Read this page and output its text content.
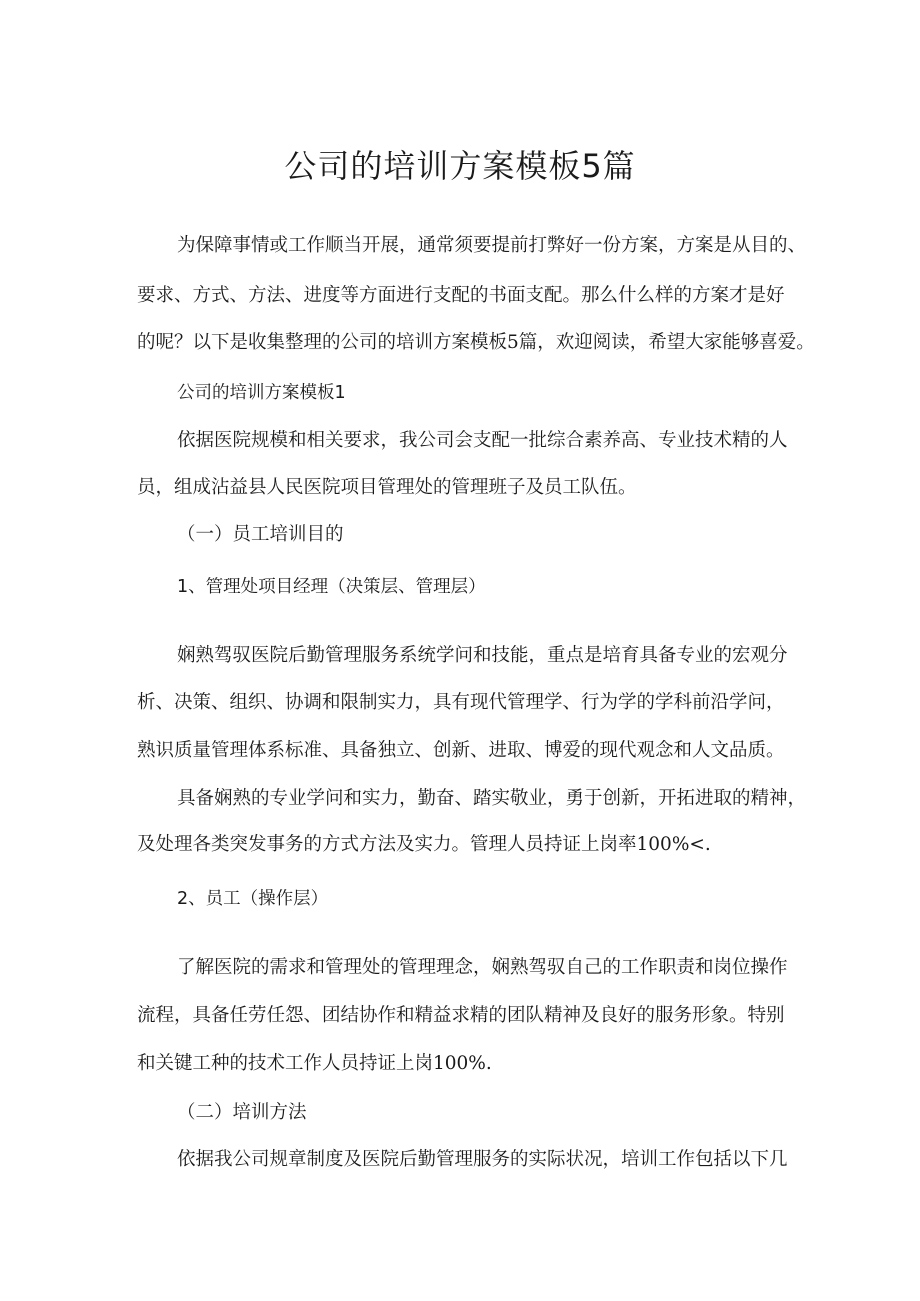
公司的培训方案模板5篇

为保障事情或工作顺当开展，通常须要提前打弊好一份方案，方案是从目的、

要求、方式、方法、进度等方面进行支配的书面支配。那么什么样的方案才是好

的呢？以下是收集整理的公司的培训方案模板5篇，欢迎阅读，希望大家能够喜爱。

公司的培训方案模板1

依据医院规模和相关要求，我公司会支配一批综合素养高、专业技术精的人

员，组成沾益县人民医院项目管理处的管理班子及员工队伍。

（一）员工培训目的

1、管理处项目经理（决策层、管理层）

娴熟驾驭医院后勤管理服务系统学问和技能，重点是培育具备专业的宏观分

析、决策、组织、协调和限制实力，具有现代管理学、行为学的学科前沿学问，

熟识质量管理体系标准、具备独立、创新、进取、博爱的现代观念和人文品质。

具备娴熟的专业学问和实力，勤奋、踏实敬业，勇于创新，开拓进取的精神，

及处理各类突发事务的方式方法及实力。管理人员持证上岗率100%<.

2、员工（操作层）

了解医院的需求和管理处的管理理念，娴熟驾驭自己的工作职责和岗位操作

流程，具备任劳任怨、团结协作和精益求精的团队精神及良好的服务形象。特别

和关键工种的技术工作人员持证上岗100%.

（二）培训方法

依据我公司规章制度及医院后勤管理服务的实际状况，培训工作包括以下几
